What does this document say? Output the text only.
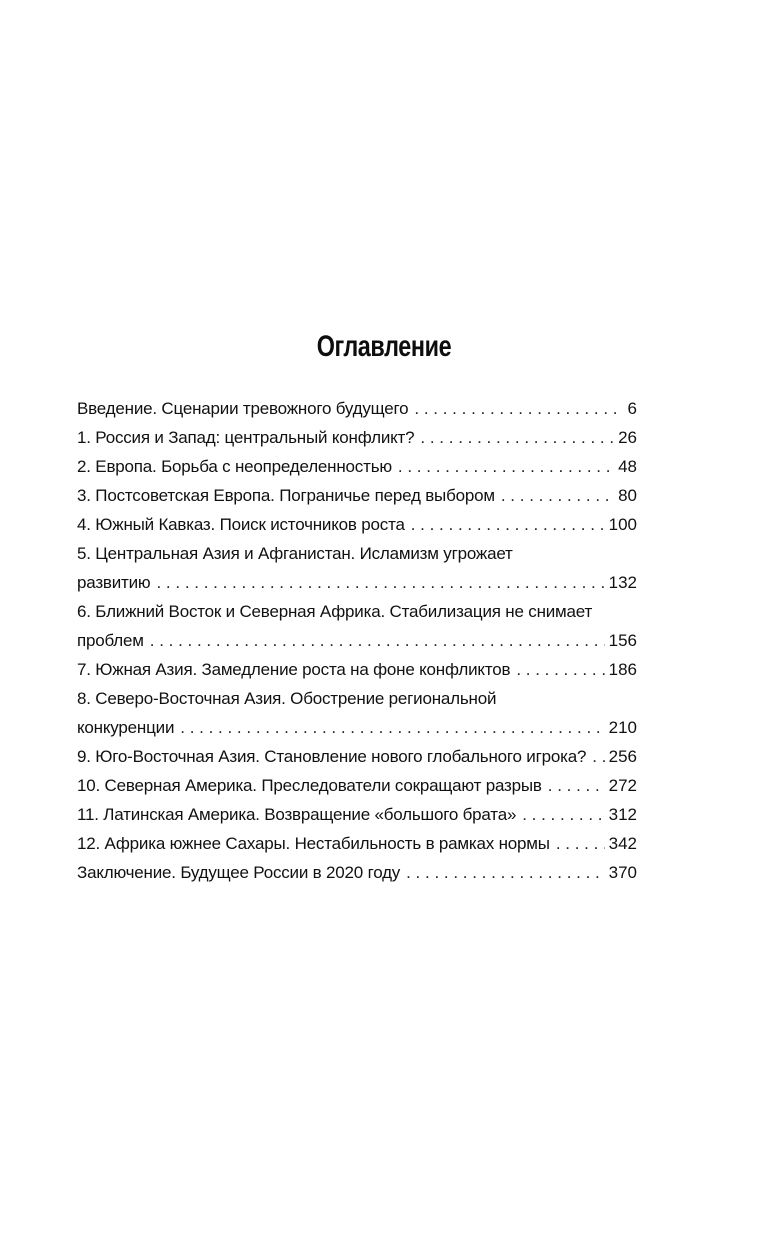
Оглавление
Введение. Сценарии тревожного будущего . . .	6
1. Россия и Запад: центральный конфликт? . . .	26
2. Европа. Борьба с неопределенностью . . .	48
3. Постсоветская Европа. Пограничье перед выбором . . .	80
4. Южный Кавказ. Поиск источников роста . . .	100
5. Центральная Азия и Афганистан. Исламизм угрожает
развитию . . .	132
6. Ближний Восток и Северная Африка. Стабилизация не снимает
проблем . . .	156
7. Южная Азия. Замедление роста на фоне конфликтов . . .	186
8. Северо-Восточная Азия. Обострение региональной
конкуренции . . .	210
9. Юго-Восточная Азия. Становление нового глобального игрока? . . . 256
10. Северная Америка. Преследователи сокращают разрыв . . .	272
11. Латинская Америка. Возвращение «большого брата» . . .	312
12. Африка южнее Сахары. Нестабильность в рамках нормы . . .	342
Заключение. Будущее России в 2020 году . . .	370
